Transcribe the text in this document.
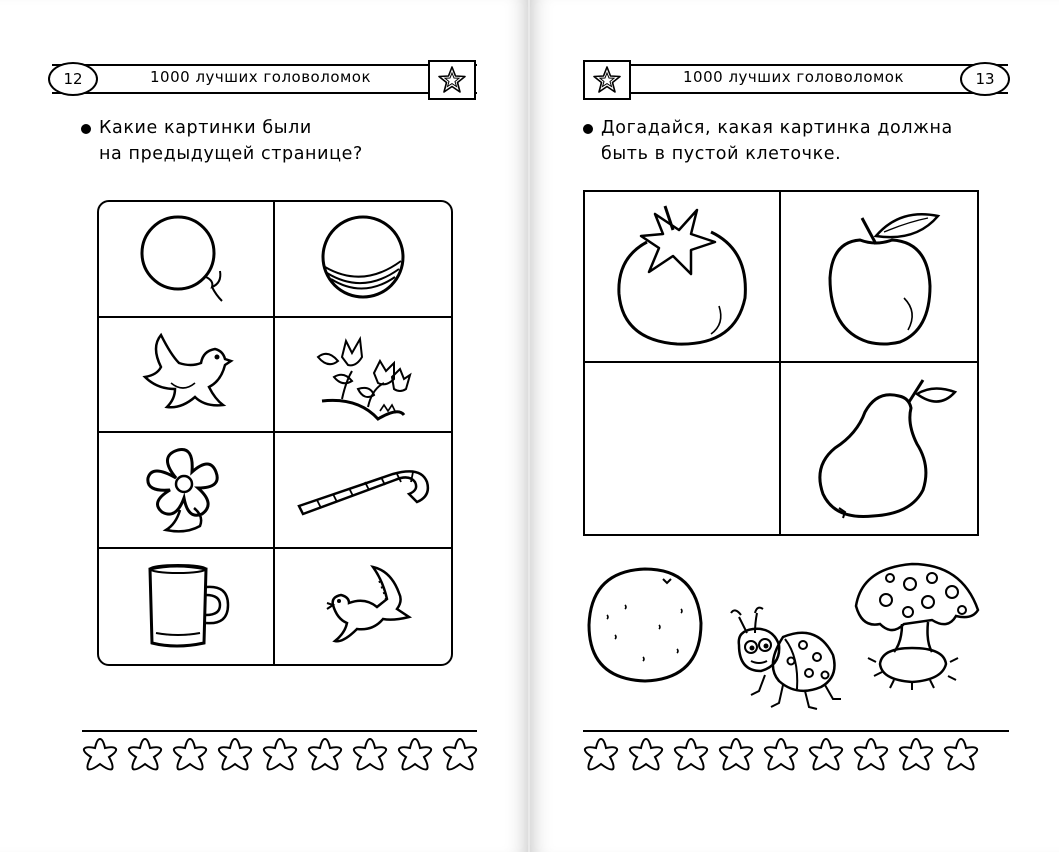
12	1000 лучших головоломок
Какие картинки были
на предыдущей странице?
1000 лучших головоломок	13
Догадайся, какая картинка должна
быть в пустой клеточке.
